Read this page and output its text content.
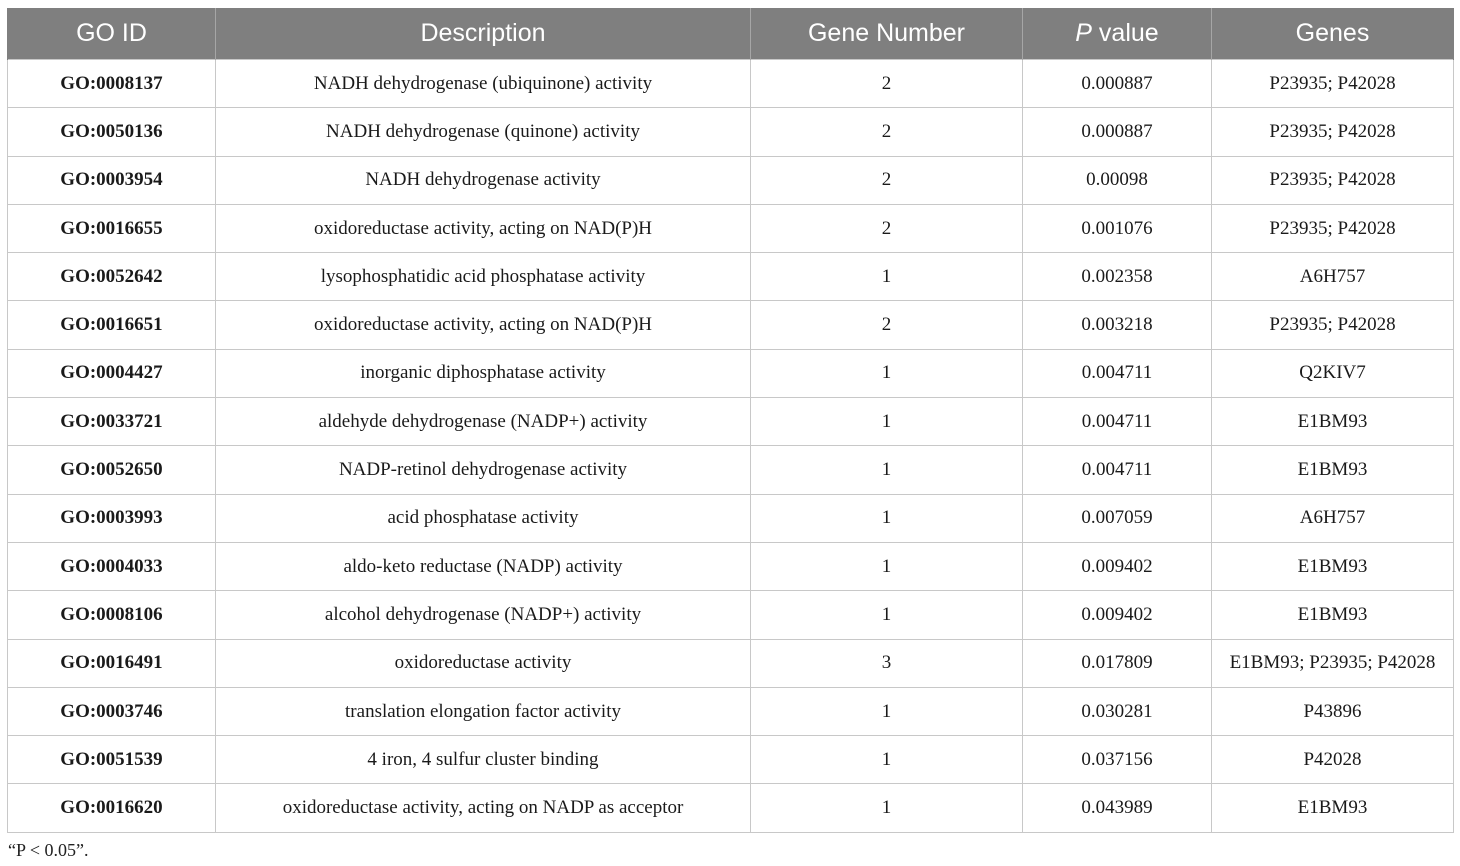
GO ID	Description	Gene Number	P value	Genes
GO:0008137	NADH dehydrogenase (ubiquinone) activity	2	0.000887	P23935; P42028
GO:0050136	NADH dehydrogenase (quinone) activity	2	0.000887	P23935; P42028
GO:0003954	NADH dehydrogenase activity	2	0.00098	P23935; P42028
GO:0016655	oxidoreductase activity, acting on NAD(P)H	2	0.001076	P23935; P42028
GO:0052642	lysophosphatidic acid phosphatase activity	1	0.002358	A6H757
GO:0016651	oxidoreductase activity, acting on NAD(P)H	2	0.003218	P23935; P42028
GO:0004427	inorganic diphosphatase activity	1	0.004711	Q2KIV7
GO:0033721	aldehyde dehydrogenase (NADP+) activity	1	0.004711	E1BM93
GO:0052650	NADP-retinol dehydrogenase activity	1	0.004711	E1BM93
GO:0003993	acid phosphatase activity	1	0.007059	A6H757
GO:0004033	aldo-keto reductase (NADP) activity	1	0.009402	E1BM93
GO:0008106	alcohol dehydrogenase (NADP+) activity	1	0.009402	E1BM93
GO:0016491	oxidoreductase activity	3	0.017809	E1BM93; P23935; P42028
GO:0003746	translation elongation factor activity	1	0.030281	P43896
GO:0051539	4 iron, 4 sulfur cluster binding	1	0.037156	P42028
GO:0016620	oxidoreductase activity, acting on NADP as acceptor	1	0.043989	E1BM93
“P < 0.05”.
